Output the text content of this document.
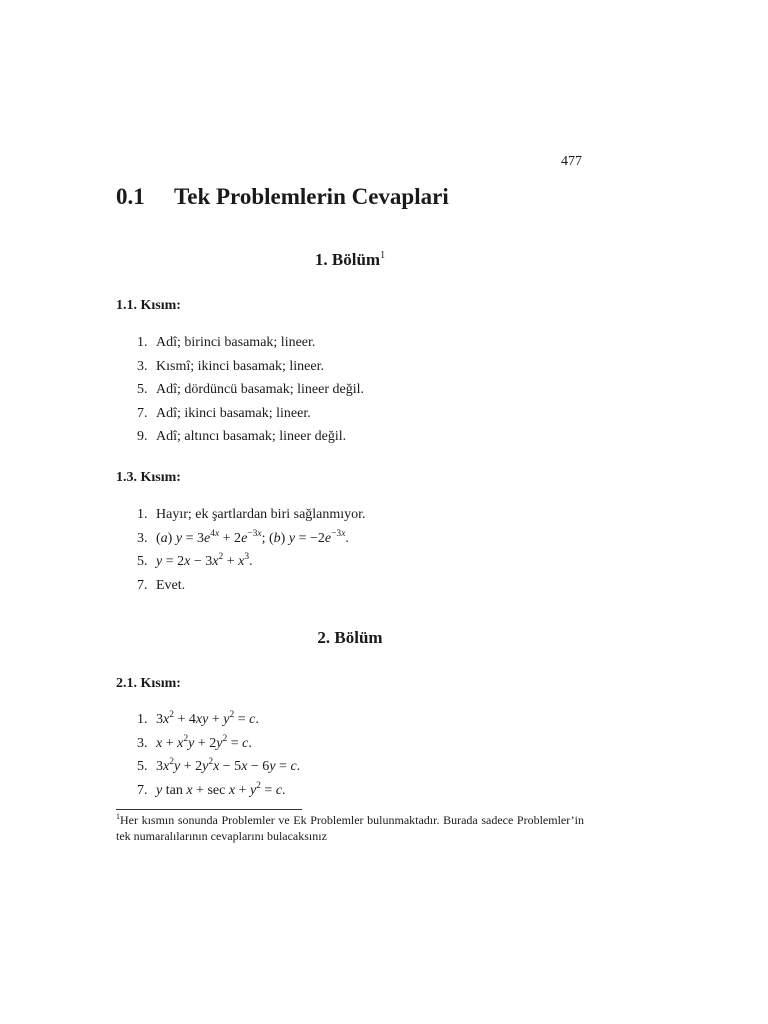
477
0.1 Tek Problemlerin Cevaplari
1. Bölüm$^1$
1.1. Kısım:
1. Adî; birinci basamak; lineer.
3. Kısmî; ikinci basamak; lineer.
5. Adî; dördüncü basamak; lineer değil.
7. Adî; ikinci basamak; lineer.
9. Adî; altıncı basamak; lineer değil.
1.3. Kısım:
1. Hayır; ek şartlardan biri sağlanmıyor.
3. (a) $y = 3e^{4x} + 2e^{-3x}$; (b) $y = -2e^{-3x}$.
5. $y = 2x - 3x^2 + x^3$.
7. Evet.
2. Bölüm
2.1. Kısım:
1. $3x^2 + 4xy + y^2 = c$.
3. $x + x^2y + 2y^2 = c$.
5. $3x^2y + 2y^2x - 5x - 6y = c$.
7. y $\tan x + \sec x + y^2 = c$.
$^1$Her kısmın sonunda Problemler ve Ek Problemler bulunmaktadır. Burada sadece Problemler’in tek numaralılarının cevaplarını bulacaksınız
